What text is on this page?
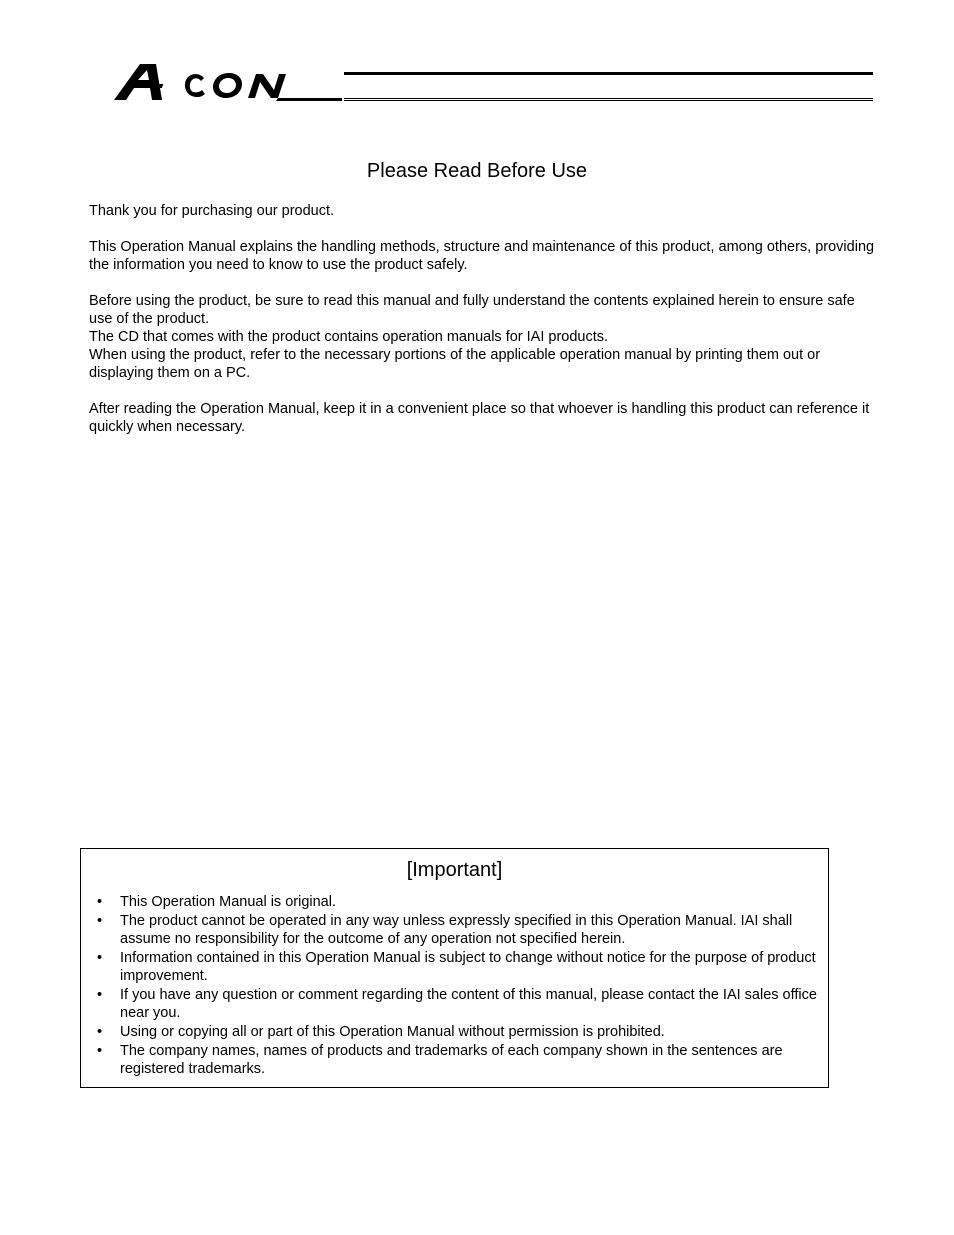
Please Read Before Use

Thank you for purchasing our product.

This Operation Manual explains the handling methods, structure and maintenance of this product, among others, providing the information you need to know to use the product safely.

Before using the product, be sure to read this manual and fully understand the contents explained herein to ensure safe use of the product.

The CD that comes with the product contains operation manuals for IAI products.

When using the product, refer to the necessary portions of the applicable operation manual by printing them out or displaying them on a PC.

After reading the Operation Manual, keep it in a convenient place so that whoever is handling this product can reference it quickly when necessary.

[Important]
• This Operation Manual is original.
• The product cannot be operated in any way unless expressly specified in this Operation Manual. IAI shall assume no responsibility for the outcome of any operation not specified herein.
• Information contained in this Operation Manual is subject to change without notice for the purpose of product improvement.
• If you have any question or comment regarding the content of this manual, please contact the IAI sales office near you.
• Using or copying all or part of this Operation Manual without permission is prohibited.
• The company names, names of products and trademarks of each company shown in the sentences are registered trademarks.
